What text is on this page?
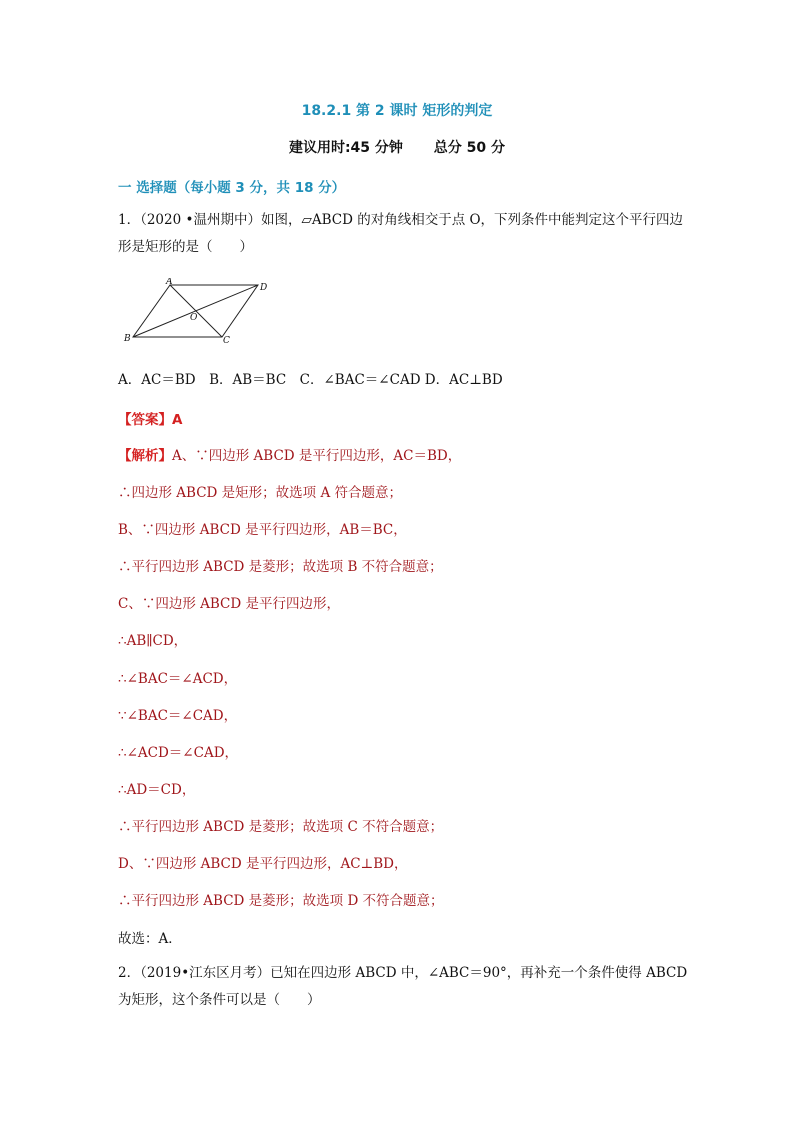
18.2.1 第 2 课时 矩形的判定
建议用时:45 分钟 总分 50 分
一 选择题（每小题 3 分，共 18 分）
1．（2020 •温州期中）如图，▱ABCD 的对角线相交于点 O，下列条件中能判定这个平行四边形是矩形的是（　　）
A
D
B	C
O
A．AC＝BD　B．AB＝BC　C．∠BAC＝∠CAD D．AC⊥BD
【答案】A
【解析】A、∵四边形 ABCD 是平行四边形，AC＝BD，
∴四边形 ABCD 是矩形；故选项 A 符合题意；
B、∵四边形 ABCD 是平行四边形，AB＝BC，
∴平行四边形 ABCD 是菱形；故选项 B 不符合题意；
C、∵四边形 ABCD 是平行四边形，
∴AB∥CD，
∴∠BAC＝∠ACD，
∵∠BAC＝∠CAD，
∴∠ACD＝∠CAD，
∴AD＝CD，
∴平行四边形 ABCD 是菱形；故选项 C 不符合题意；
D、∵四边形 ABCD 是平行四边形，AC⊥BD，
∴平行四边形 ABCD 是菱形；故选项 D 不符合题意；
故选：A．
2．（2019•江东区月考）已知在四边形 ABCD 中，∠ABC＝90°，再补充一个条件使得 ABCD 为矩形，这个条件可以是（　　）
